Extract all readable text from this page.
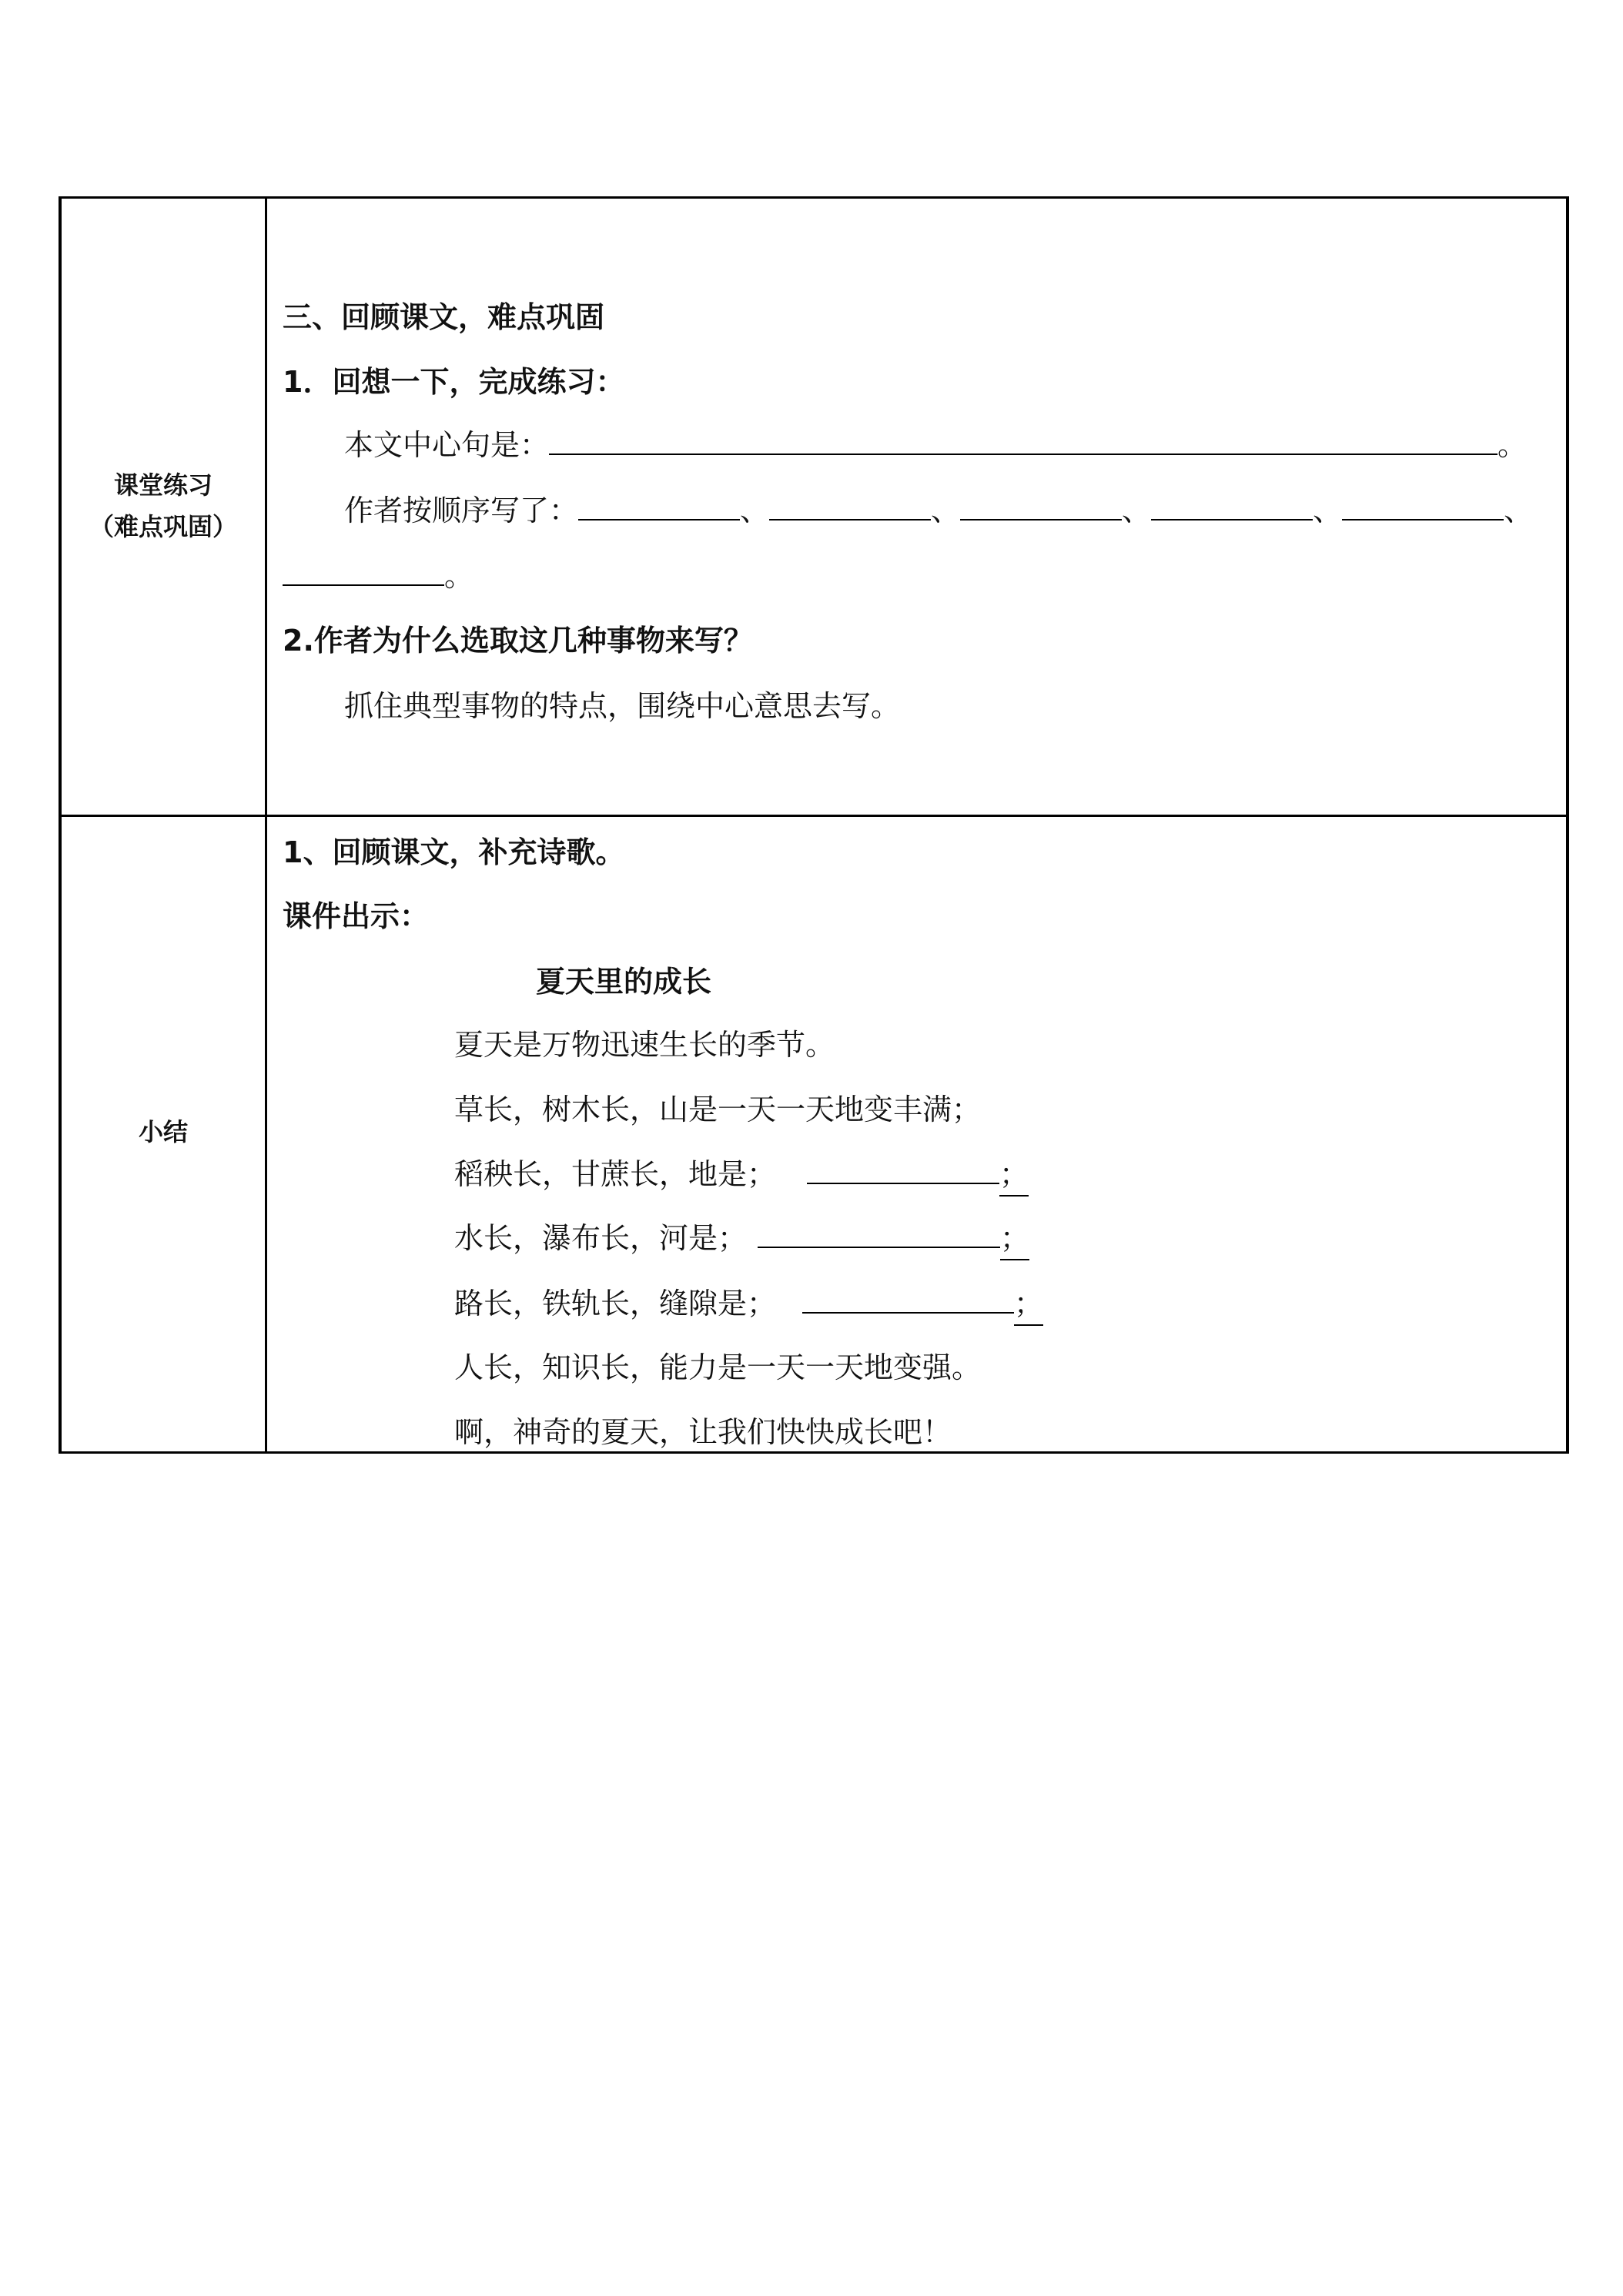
课堂练习
（难点巩固）
三、回顾课文，难点巩固
1．回想一下，完成练习：
本文中心句是：	。
作者按顺序写了：	、	、	、	、	、
。
2.作者为什么选取这几种事物来写？
抓住典型事物的特点，围绕中心意思去写。
小结
1、回顾课文，补充诗歌。
课件出示：
夏天里的成长
夏天是万物迅速生长的季节。
草长，树木长，山是一天一天地变丰满；
稻秧长，甘蔗长，地是；	；
水长，瀑布长，河是；	；
路长，铁轨长，缝隙是；	；
人长，知识长，能力是一天一天地变强。
啊，神奇的夏天，让我们快快成长吧！
